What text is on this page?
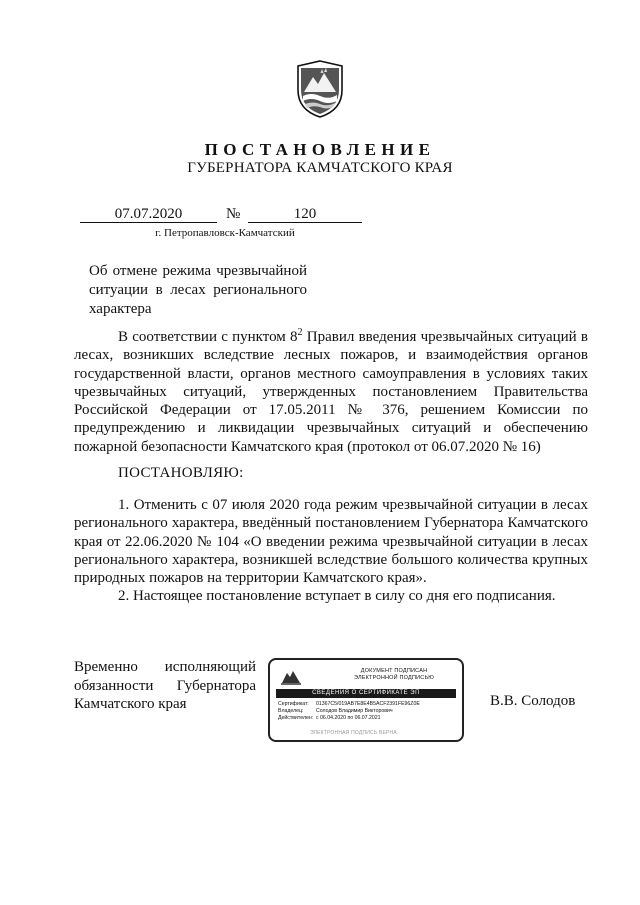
ПОСТАНОВЛЕНИЕ
ГУБЕРНАТОРА КАМЧАТСКОГО КРАЯ
07.07.2020	№	120
г. Петропавловск-Камчатский
Об отмене режима чрезвычайной ситуации в лесах регионального характера
В соответствии с пунктом $8^2$ Правил введения чрезвычайных ситуаций в лесах, возникших вследствие лесных пожаров, и взаимодействия органов государственной власти, органов местного самоуправления в условиях таких чрезвычайных ситуаций, утвержденных постановлением Правительства Российской Федерации от 17.05.2011 № 376, решением Комиссии по предупреждению и ликвидации чрезвычайных ситуаций и обеспечению пожарной безопасности Камчатского края (протокол от 06.07.2020 № 16)
ПОСТАНОВЛЯЮ:
1. Отменить с 07 июля 2020 года режим чрезвычайной ситуации в лесах регионального характера, введённый постановлением Губернатора Камчатского края от 22.06.2020 № 104 «О введении режима чрезвычайной ситуации в лесах регионального характера, возникшей вследствие большого количества крупных природных пожаров на территории Камчатского края».
2. Настоящее постановление вступает в силу со дня его подписания.
Временно исполняющий
обязанности Губернатора
Камчатского края
ДОКУМЕНТ ПОДПИСАН
ЭЛЕКТРОННОЙ ПОДПИСЬЮ
СВЕДЕНИЯ О СЕРТИФИКАТЕ ЭП
Сертификат:	01367C5/019AB7E8E4B5ACF2391FE96Z0E
Владелец:	Солодов Владимир Викторович
Действителен: с 06.04.2020 по 06.07.2021
ЭЛЕКТРОННАЯ ПОДПИСЬ ВЕРНА
В.В. Солодов
